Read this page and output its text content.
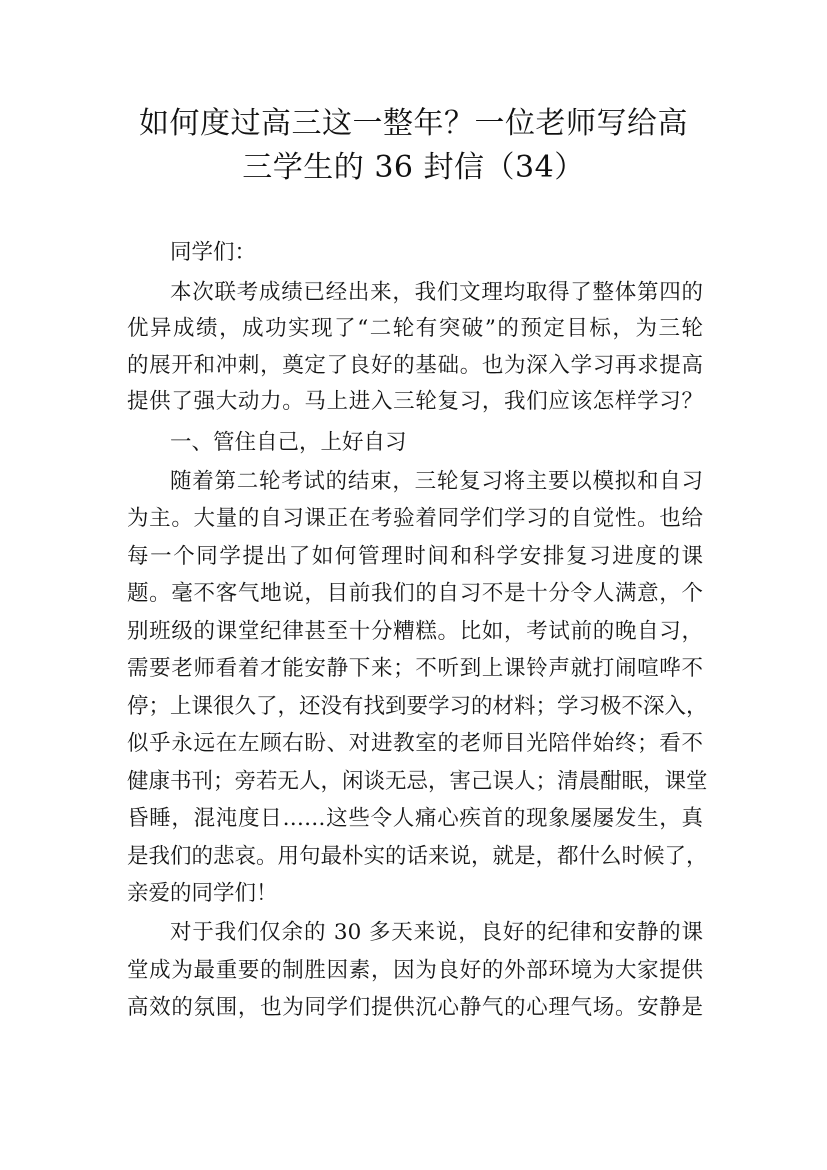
如何度过高三这一整年？一位老师写给高
三学生的 36 封信（34）
同学们：
本次联考成绩已经出来，我们文理均取得了整体第四的
优异成绩，成功实现了“二轮有突破”的预定目标，为三轮
的展开和冲刺，奠定了良好的基础。也为深入学习再求提高
提供了强大动力。马上进入三轮复习，我们应该怎样学习？
一、管住自己，上好自习
随着第二轮考试的结束，三轮复习将主要以模拟和自习
为主。大量的自习课正在考验着同学们学习的自觉性。也给
每一个同学提出了如何管理时间和科学安排复习进度的课
题。毫不客气地说，目前我们的自习不是十分令人满意，个
别班级的课堂纪律甚至十分糟糕。比如，考试前的晚自习，
需要老师看着才能安静下来；不听到上课铃声就打闹喧哗不
停；上课很久了，还没有找到要学习的材料；学习极不深入，
似乎永远在左顾右盼、对进教室的老师目光陪伴始终；看不
健康书刊；旁若无人，闲谈无忌，害己误人；清晨酣眠，课堂
昏睡，混沌度日……这些令人痛心疾首的现象屡屡发生，真
是我们的悲哀。用句最朴实的话来说，就是，都什么时候了，
亲爱的同学们！
对于我们仅余的 30 多天来说，良好的纪律和安静的课
堂成为最重要的制胜因素，因为良好的外部环境为大家提供
高效的氛围，也为同学们提供沉心静气的心理气场。安静是
